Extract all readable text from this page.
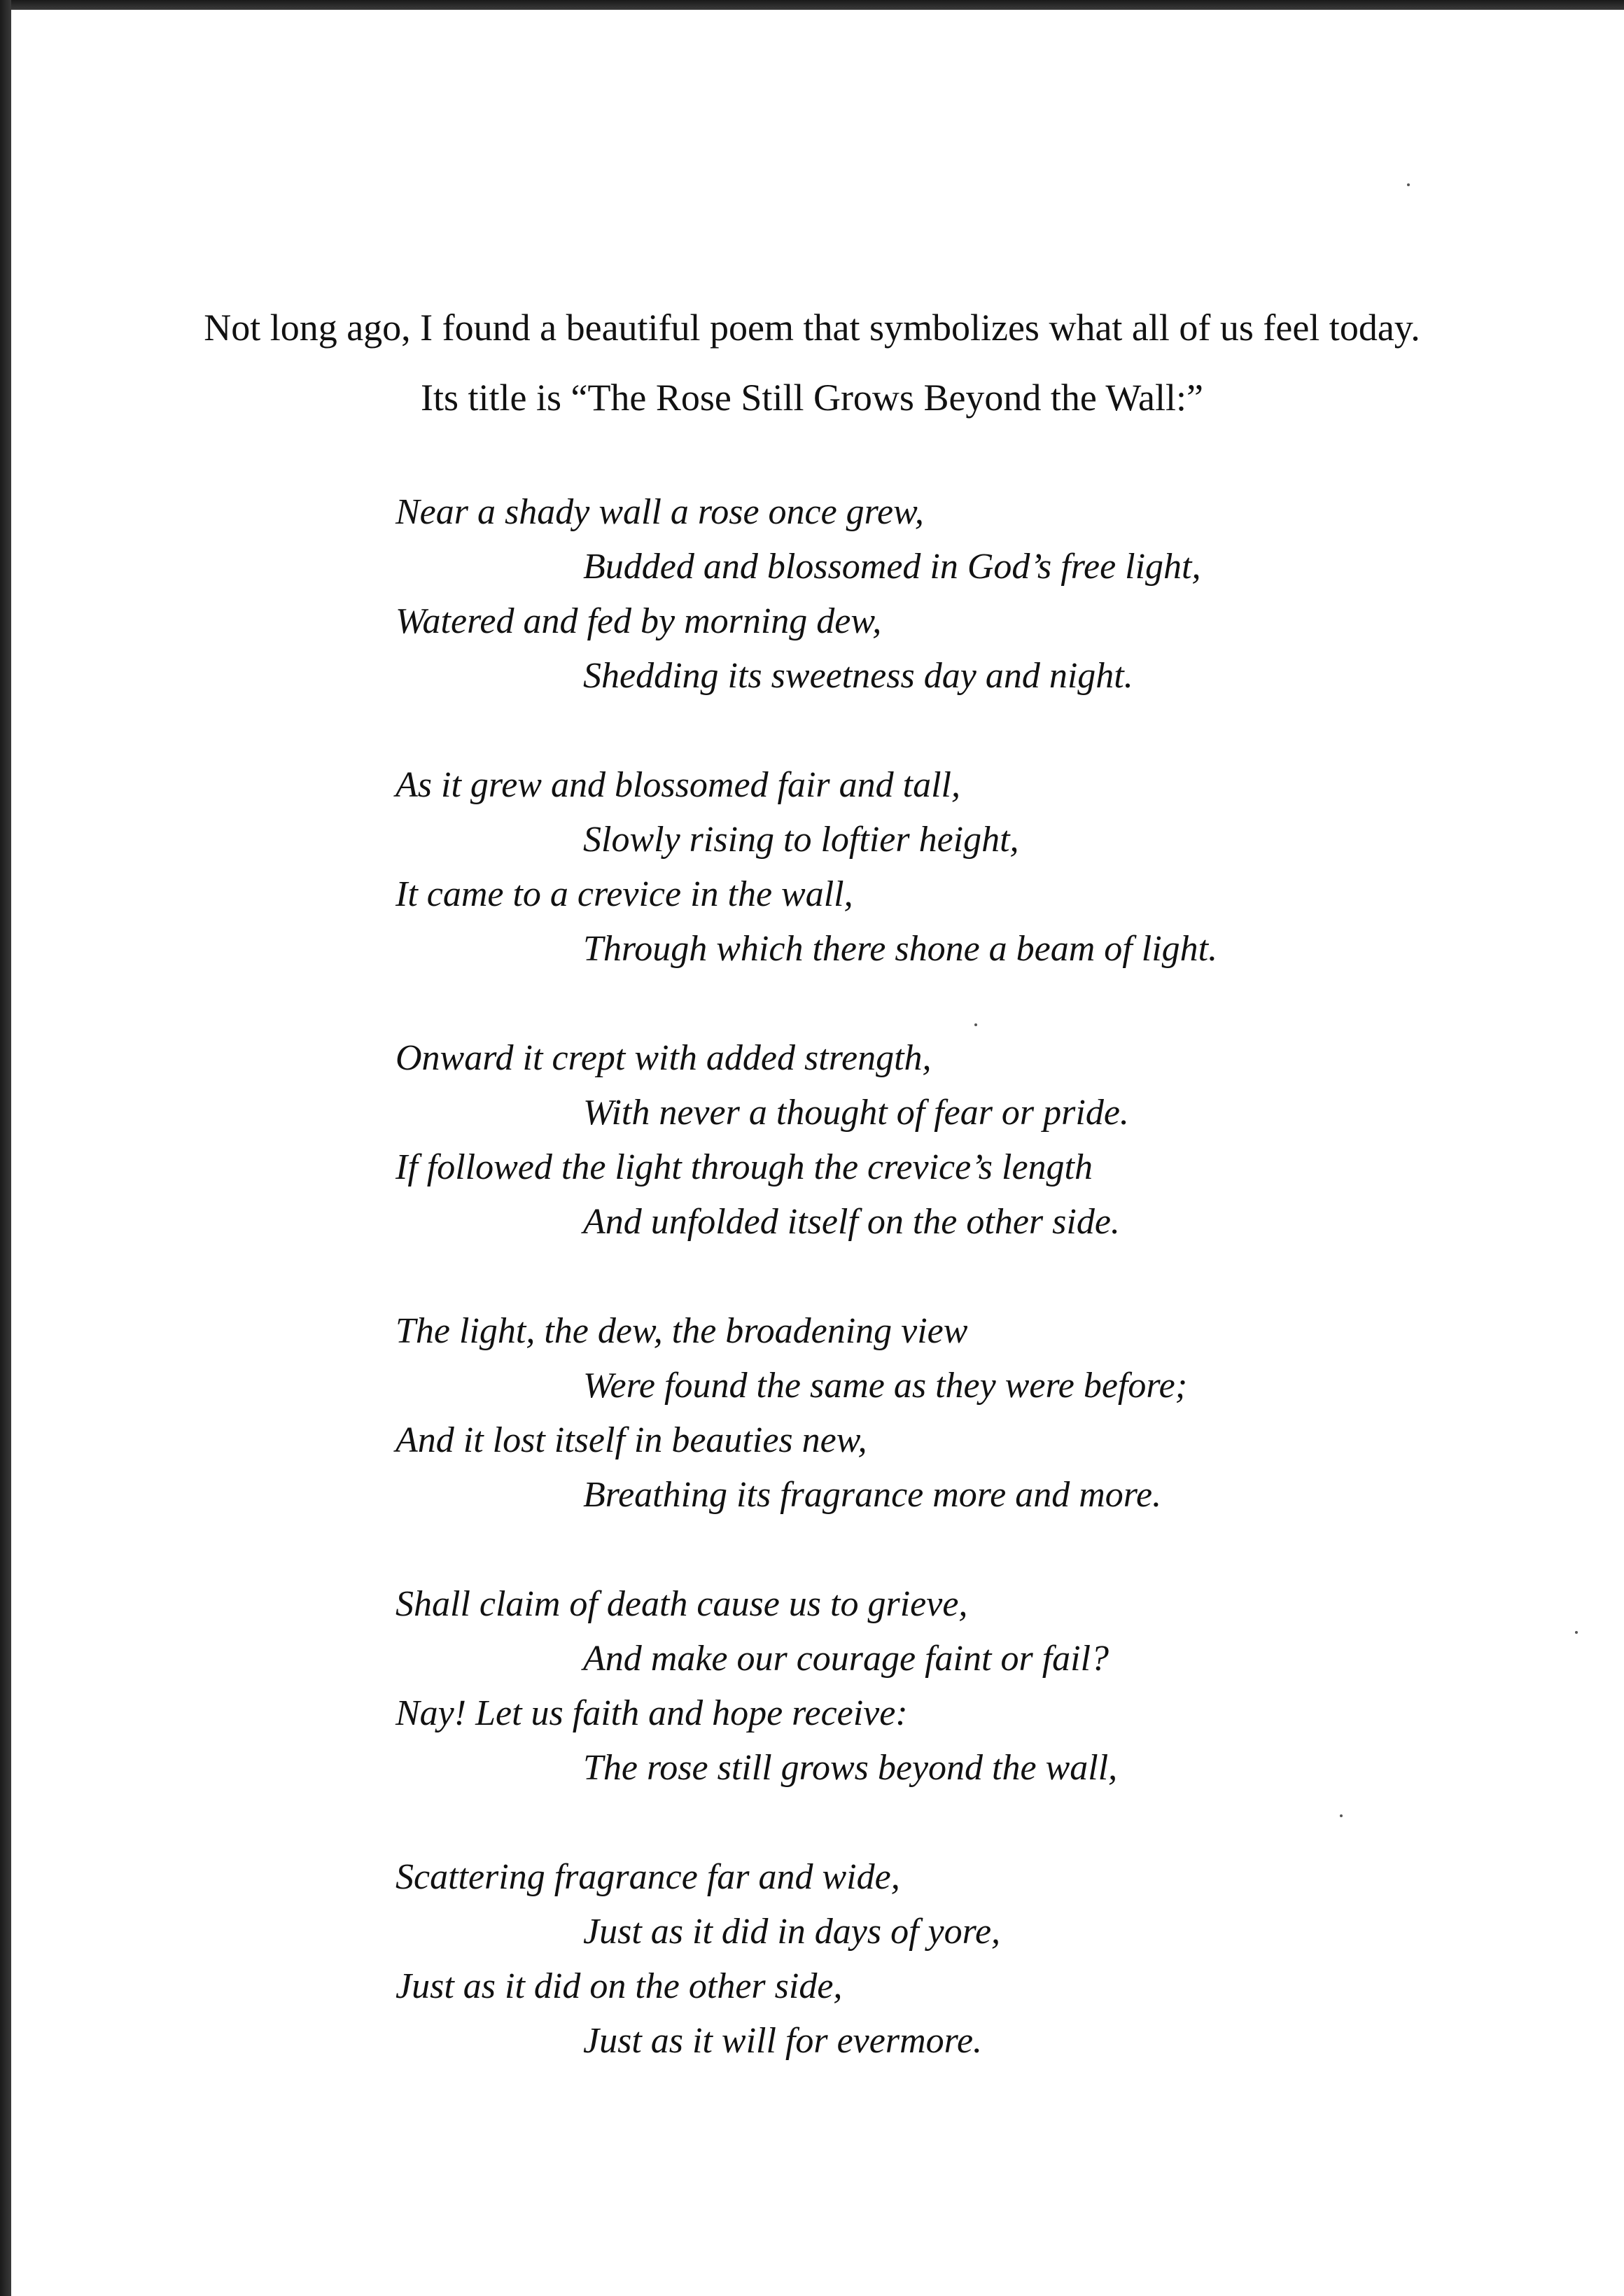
Not long ago, I found a beautiful poem that symbolizes what all of us feel today.
Its title is “The Rose Still Grows Beyond the Wall:”
Near a shady wall a rose once grew,
Budded and blossomed in God’s free light,
Watered and fed by morning dew,
Shedding its sweetness day and night.
As it grew and blossomed fair and tall,
Slowly rising to loftier height,
It came to a crevice in the wall,
Through which there shone a beam of light.
Onward it crept with added strength,
With never a thought of fear or pride.
If followed the light through the crevice’s length
And unfolded itself on the other side.
The light, the dew, the broadening view
Were found the same as they were before;
And it lost itself in beauties new,
Breathing its fragrance more and more.
Shall claim of death cause us to grieve,
And make our courage faint or fail?
Nay! Let us faith and hope receive:
The rose still grows beyond the wall,
Scattering fragrance far and wide,
Just as it did in days of yore,
Just as it did on the other side,
Just as it will for evermore.
